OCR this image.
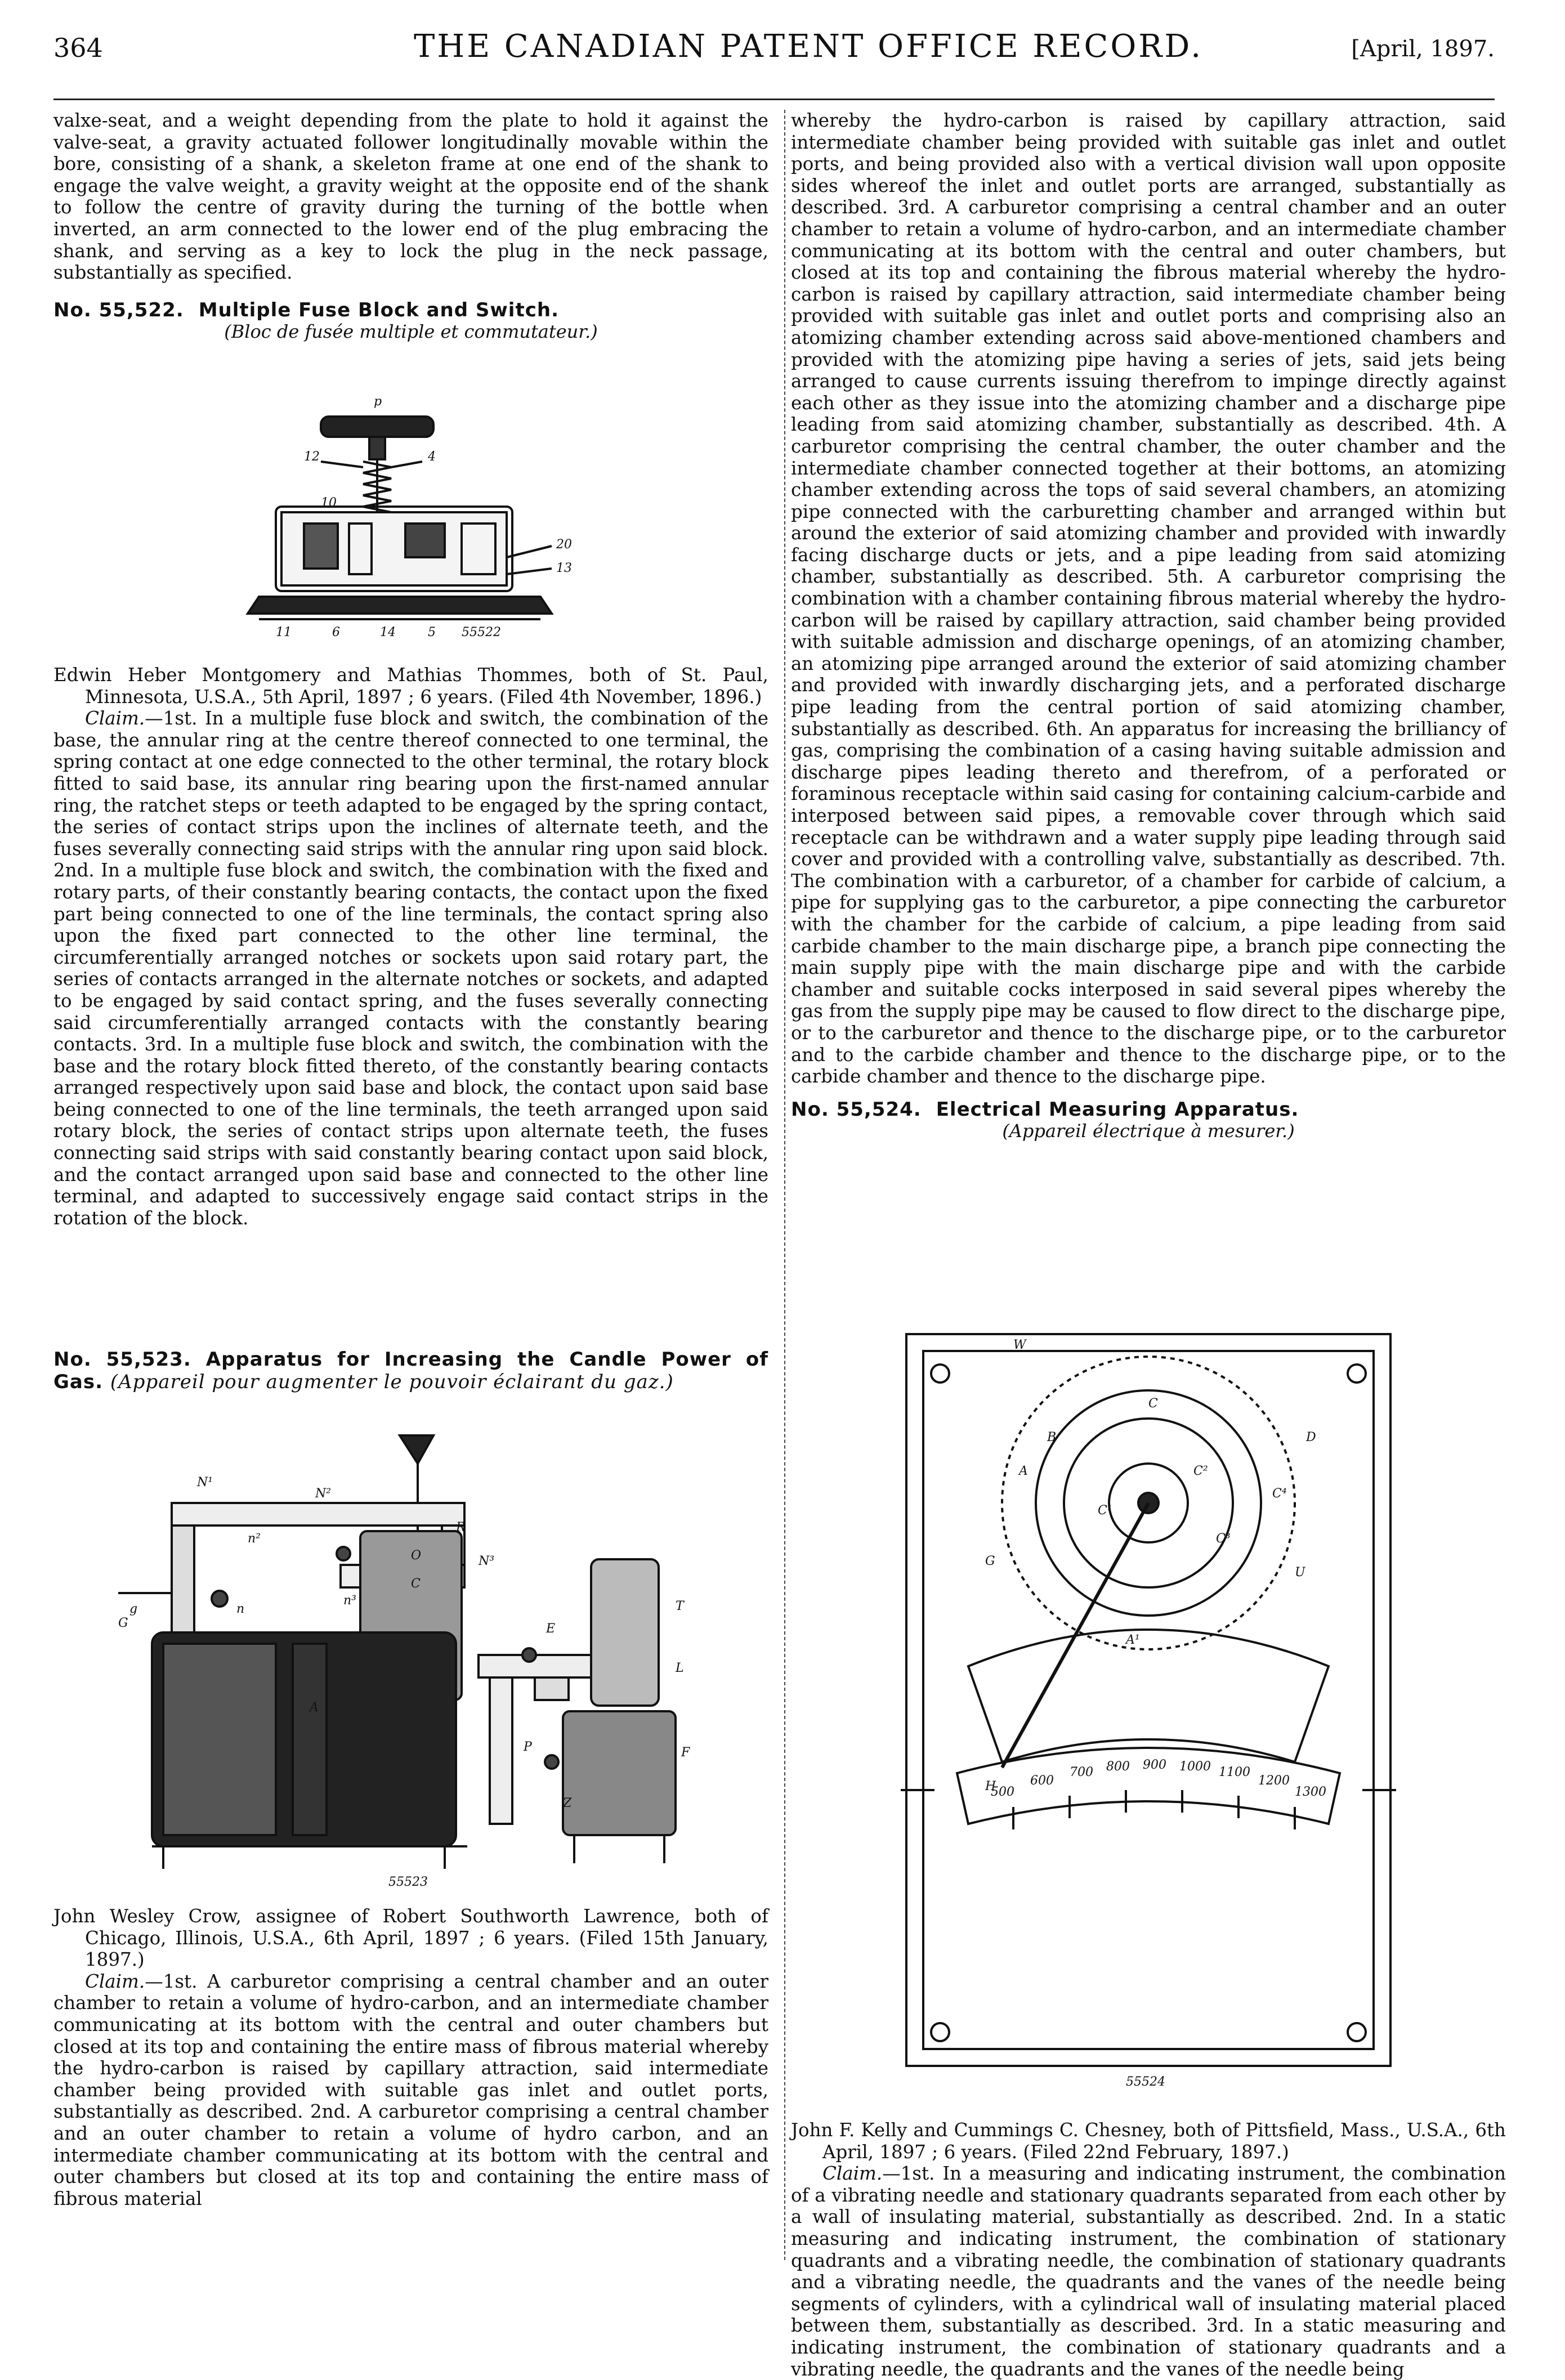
364	THE CANADIAN PATENT OFFICE RECORD.	[April, 1897.

valxe-seat, and a weight depending from the plate to hold it against the valve-seat, a gravity actuated follower longitudinally movable within the bore, consisting of a shank, a skeleton frame at one end of the shank to engage the valve weight, a gravity weight at the opposite end of the shank to follow the centre of gravity during the turning of the bottle when inverted, an arm connected to the lower end of the plug embracing the shank, and serving as a key to lock the plug in the neck passage, substantially as specified.

No. 55,522. Multiple Fuse Block and Switch.

(Bloc de fusée multiple et commutateur.)

p
12	4
10
20
13
11	6	14	5 55522

Edwin Heber Montgomery and Mathias Thommes, both of St. Paul, Minnesota, U.S.A., 5th April, 1897 ; 6 years. (Filed 4th November, 1896.)

Claim.—1st. In a multiple fuse block and switch, the combination of the base, the annular ring at the centre thereof connected to one terminal, the spring contact at one edge connected to the other terminal, the rotary block fitted to said base, its annular ring bearing upon the first-named annular ring, the ratchet steps or teeth adapted to be engaged by the spring contact, the series of contact strips upon the inclines of alternate teeth, and the fuses severally connecting said strips with the annular ring upon said block. 2nd. In a multiple fuse block and switch, the combination with the fixed and rotary parts, of their constantly bearing contacts, the contact upon the fixed part being connected to one of the line terminals, the contact spring also upon the fixed part connected to the other line terminal, the circumferentially arranged notches or sockets upon said rotary part, the series of contacts arranged in the alternate notches or sockets, and adapted to be engaged by said contact spring, and the fuses severally connecting said circumferentially arranged contacts with the constantly bearing contacts. 3rd. In a multiple fuse block and switch, the combination with the base and the rotary block fitted thereto, of the constantly bearing contacts arranged respectively upon said base and block, the contact upon said base being connected to one of the line terminals, the teeth arranged upon said rotary block, the series of contact strips upon alternate teeth, the fuses connecting said strips with said constantly bearing contact upon said block, and the contact arranged upon said base and connected to the other line terminal, and adapted to successively engage said contact strips in the rotation of the block.

No. 55,523. Apparatus for Increasing the Candle Power of Gas. (Appareil pour augmenter le pouvoir éclairant du gaz.)

N¹
N²
N³
R
O
C
A
G
g	n	T
E
P
n²
n³
L
F
Z
55523

John Wesley Crow, assignee of Robert Southworth Lawrence, both of Chicago, Illinois, U.S.A., 6th April, 1897 ; 6 years. (Filed 15th January, 1897.)

Claim.—1st. A carburetor comprising a central chamber and an outer chamber to retain a volume of hydro-carbon, and an intermediate chamber communicating at its bottom with the central and outer chambers but closed at its top and containing the entire mass of fibrous material whereby the hydro-carbon is raised by capillary attraction, said intermediate chamber being provided with suitable gas inlet and outlet ports, substantially as described. 2nd. A carburetor comprising a central chamber and an outer chamber to retain a volume of hydro carbon, and an intermediate chamber communicating at its bottom with the central and outer chambers but closed at its top and containing the entire mass of fibrous material

whereby the hydro-carbon is raised by capillary attraction, said intermediate chamber being provided with suitable gas inlet and outlet ports, and being provided also with a vertical division wall upon opposite sides whereof the inlet and outlet ports are arranged, substantially as described. 3rd. A carburetor comprising a central chamber and an outer chamber to retain a volume of hydro-carbon, and an intermediate chamber communicating at its bottom with the central and outer chambers, but closed at its top and containing the fibrous material whereby the hydro-carbon is raised by capillary attraction, said intermediate chamber being provided with suitable gas inlet and outlet ports and comprising also an atomizing chamber extending across said above-mentioned chambers and provided with the atomizing pipe having a series of jets, said jets being arranged to cause currents issuing therefrom to impinge directly against each other as they issue into the atomizing chamber and a discharge pipe leading from said atomizing chamber, substantially as described. 4th. A carburetor comprising the central chamber, the outer chamber and the intermediate chamber connected together at their bottoms, an atomizing chamber extending across the tops of said several chambers, an atomizing pipe connected with the carburetting chamber and arranged within but around the exterior of said atomizing chamber and provided with inwardly facing discharge ducts or jets, and a pipe leading from said atomizing chamber, substantially as described. 5th. A carburetor comprising the combination with a chamber containing fibrous material whereby the hydro-carbon will be raised by capillary attraction, said chamber being provided with suitable admission and discharge openings, of an atomizing chamber, an atomizing pipe arranged around the exterior of said atomizing chamber and provided with inwardly discharging jets, and a perforated discharge pipe leading from the central portion of said atomizing chamber, substantially as described. 6th. An apparatus for increasing the brilliancy of gas, comprising the combination of a casing having suitable admission and discharge pipes leading thereto and therefrom, of a perforated or foraminous receptacle within said casing for containing calcium-carbide and interposed between said pipes, a removable cover through which said receptacle can be withdrawn and a water supply pipe leading through said cover and provided with a controlling valve, substantially as described. 7th. The combination with a carburetor, of a chamber for carbide of calcium, a pipe for supplying gas to the carburetor, a pipe connecting the carburetor with the chamber for the carbide of calcium, a pipe leading from said carbide chamber to the main discharge pipe, a branch pipe connecting the main supply pipe with the main discharge pipe and with the carbide chamber and suitable cocks interposed in said several pipes whereby the gas from the supply pipe may be caused to flow direct to the discharge pipe, or to the carburetor and thence to the discharge pipe, or to the carburetor and to the carbide chamber and thence to the discharge pipe, or to the carbide chamber and thence to the discharge pipe.

No. 55,524. Electrical Measuring Apparatus.

(Appareil électrique à mesurer.)

W
A
B
C
C¹
C²
C³
C⁴
G
A¹
D
U
H
500
600
700 800 900 1000 1100
1200
1300
55524

John F. Kelly and Cummings C. Chesney, both of Pittsfield, Mass., U.S.A., 6th April, 1897 ; 6 years. (Filed 22nd February, 1897.)

Claim.—1st. In a measuring and indicating instrument, the combination of a vibrating needle and stationary quadrants separated from each other by a wall of insulating material, substantially as described. 2nd. In a static measuring and indicating instrument, the combination of stationary quadrants and a vibrating needle, the combination of stationary quadrants and a vibrating needle, the quadrants and the vanes of the needle being segments of cylinders, with a cylindrical wall of insulating material placed between them, substantially as described. 3rd. In a static measuring and indicating instrument, the combination of stationary quadrants and a vibrating needle, the quadrants and the vanes of the needle being
